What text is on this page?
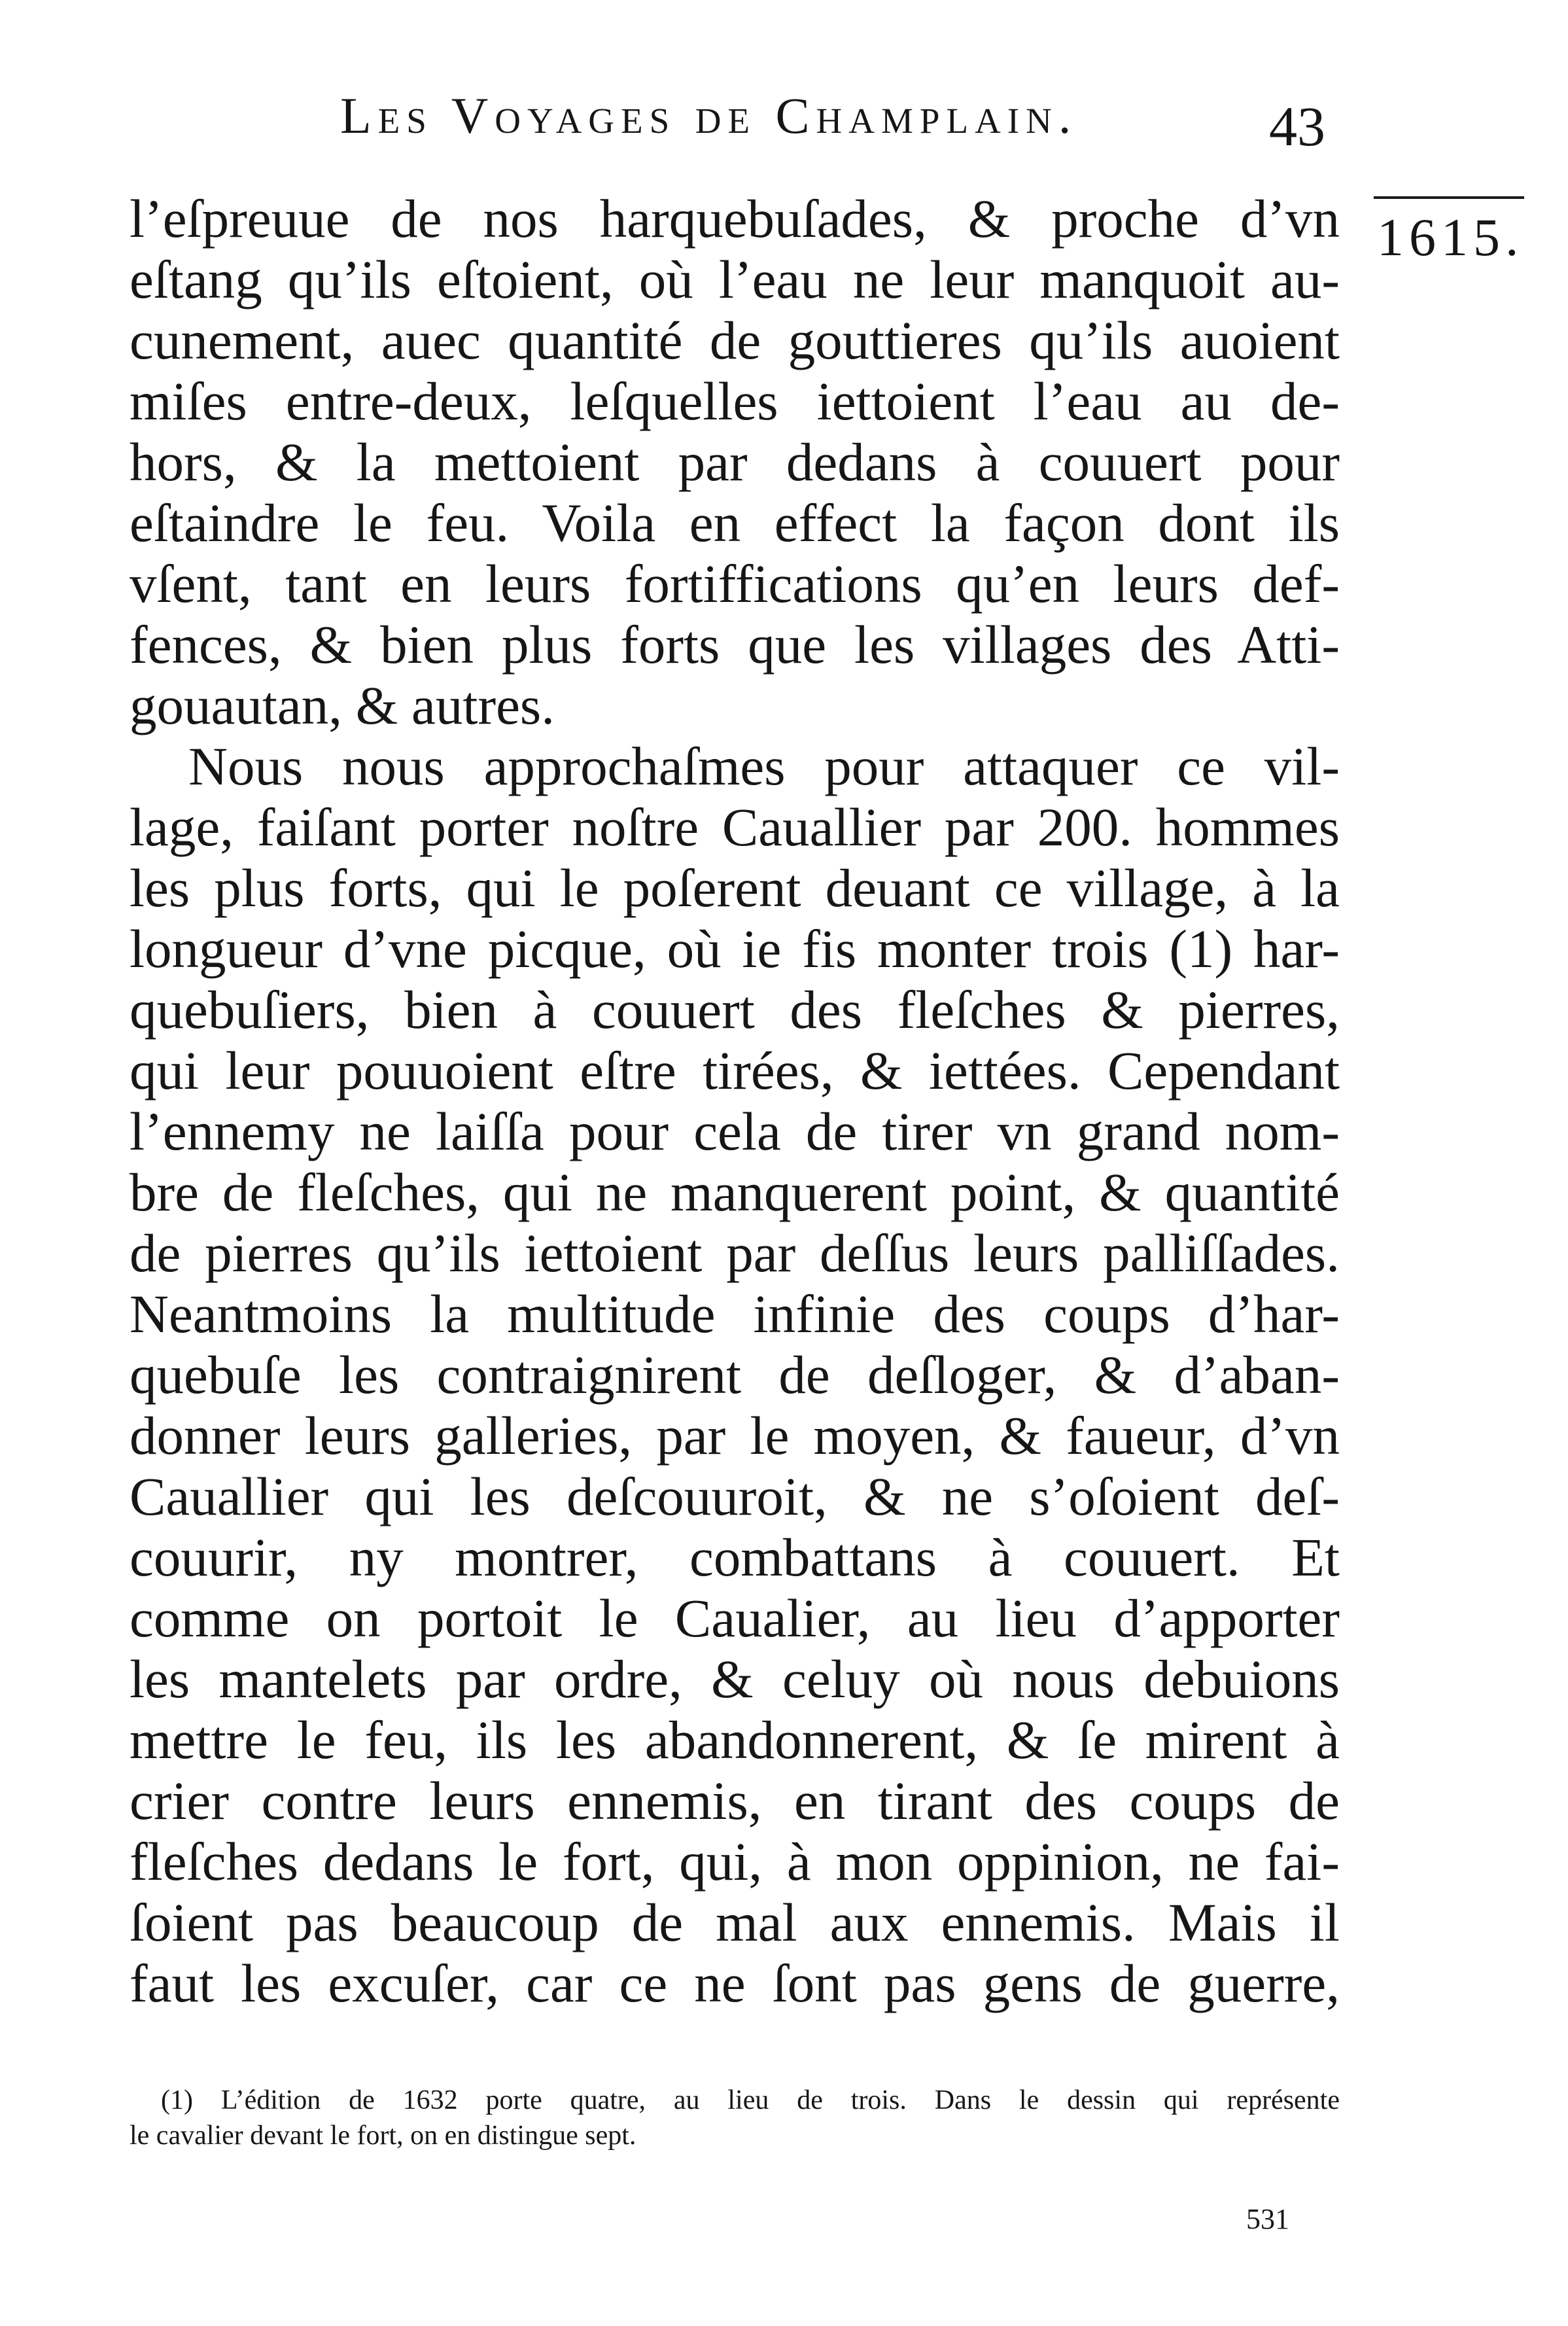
Les Voyages de Champlain.	43
1615.
l’eſpreuue de nos harquebuſades, & proche d’vn
eſtang qu’ils eſtoient, où l’eau ne leur manquoit au-
cunement, auec quantité de gouttieres qu’ils auoient
miſes entre-deux, leſquelles iettoient l’eau au de-
hors, & la mettoient par dedans à couuert pour
eſtaindre le feu. Voila en effect la façon dont ils
vſent, tant en leurs fortiffications qu’en leurs def-
fences, & bien plus forts que les villages des Atti-
gouautan, & autres.
Nous nous approchaſmes pour attaquer ce vil-
lage, faiſant porter noſtre Cauallier par 200. hommes
les plus forts, qui le poſerent deuant ce village, à la
longueur d’vne picque, où ie fis monter trois (1) har-
quebuſiers, bien à couuert des fleſches & pierres,
qui leur pouuoient eſtre tirées, & iettées. Cependant
l’ennemy ne laiſſa pour cela de tirer vn grand nom-
bre de fleſches, qui ne manquerent point, & quantité
de pierres qu’ils iettoient par deſſus leurs palliſſades.
Neantmoins la multitude infinie des coups d’har-
quebuſe les contraignirent de deſloger, & d’aban-
donner leurs galleries, par le moyen, & faueur, d’vn
Cauallier qui les deſcouuroit, & ne s’oſoient deſ-
couurir, ny montrer, combattans à couuert. Et
comme on portoit le Caualier, au lieu d’apporter
les mantelets par ordre, & celuy où nous debuions
mettre le feu, ils les abandonnerent, & ſe mirent à
crier contre leurs ennemis, en tirant des coups de
fleſches dedans le fort, qui, à mon oppinion, ne fai-
ſoient pas beaucoup de mal aux ennemis. Mais il
faut les excuſer, car ce ne ſont pas gens de guerre,
(1) L’édition de 1632 porte quatre, au lieu de trois. Dans le dessin qui représente
le cavalier devant le fort, on en distingue sept.
531
